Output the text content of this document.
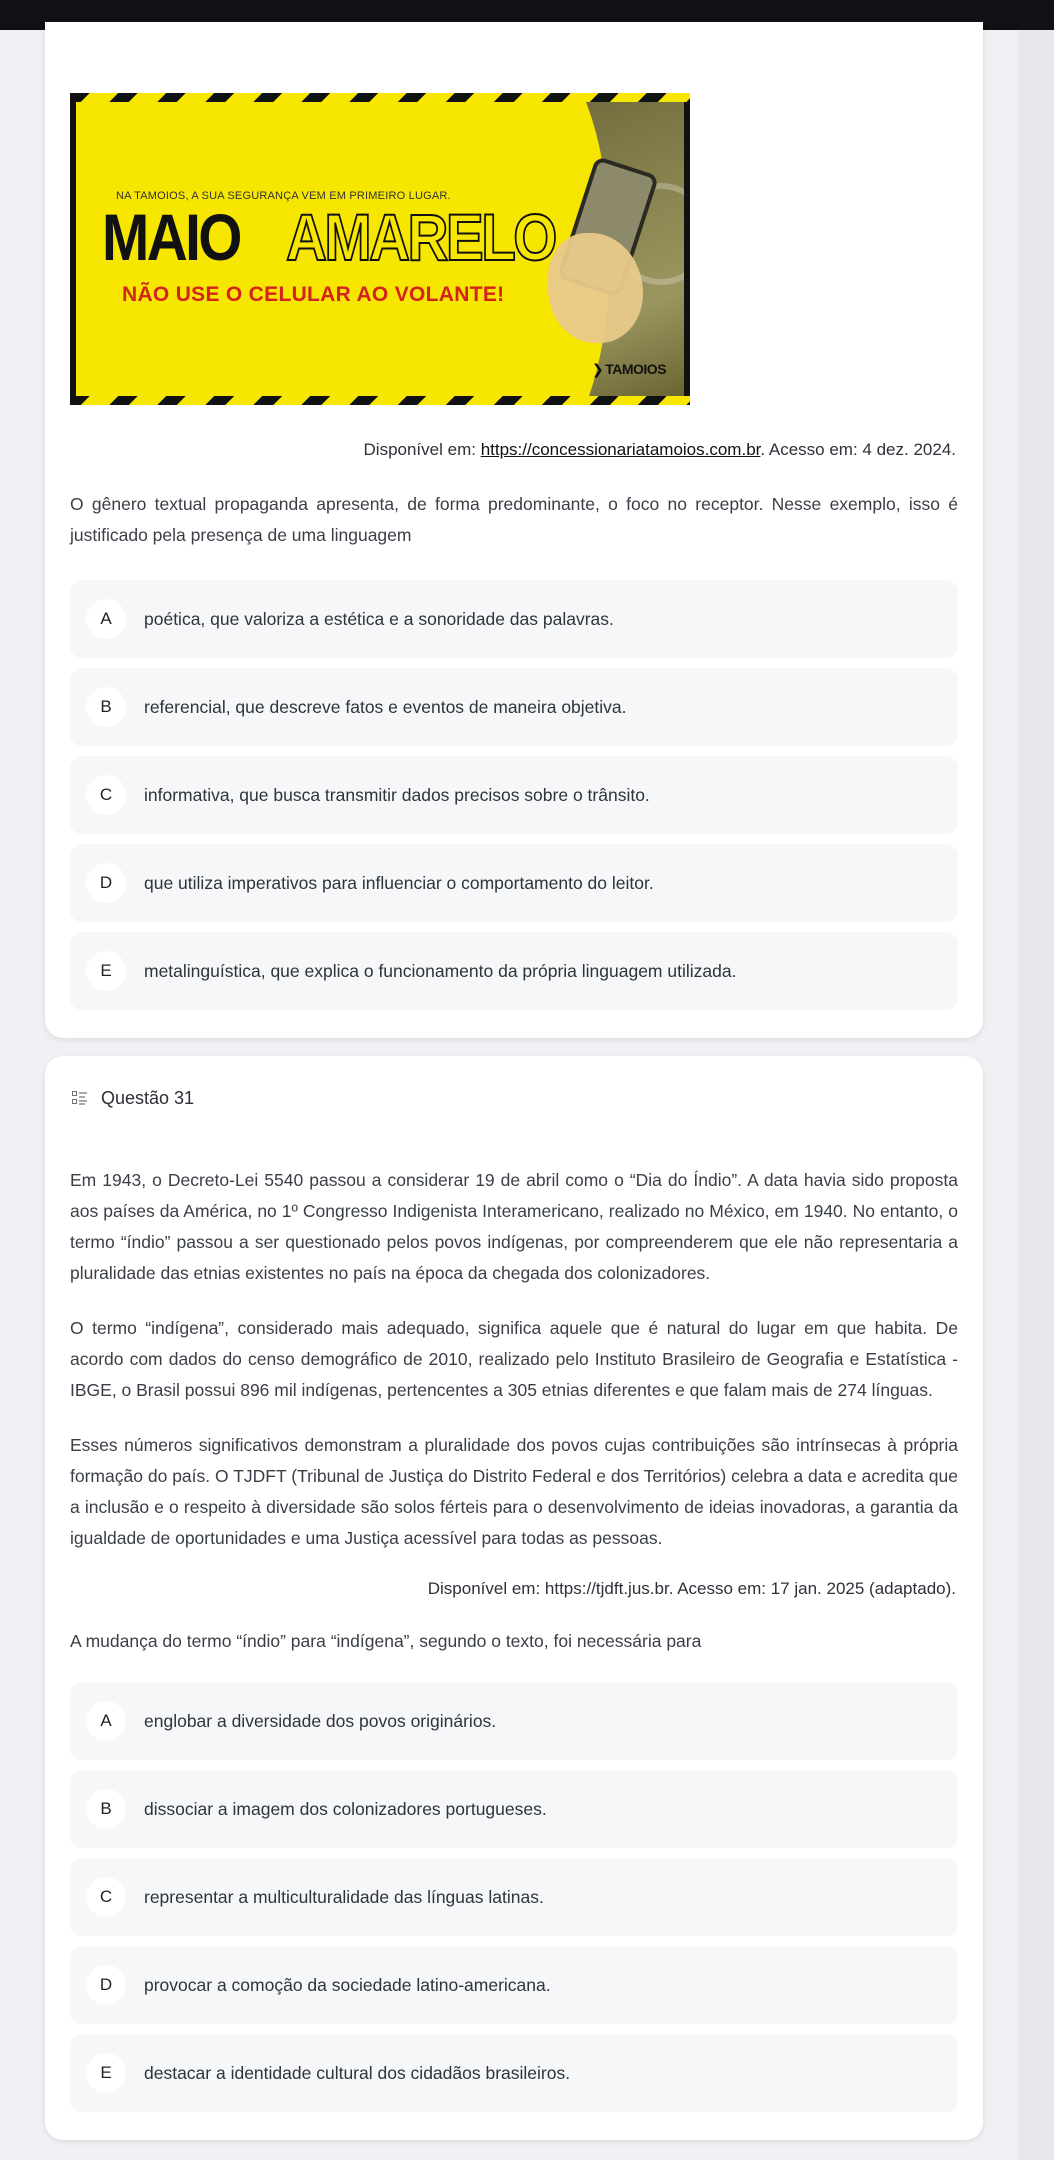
NA TAMOIOS, A SUA SEGURANÇA VEM EM PRIMEIRO LUGAR.
MAIO AMARELO
NÃO USE O CELULAR AO VOLANTE!
❯ TAMOIOS
Disponível em: https://concessionariatamoios.com.br. Acesso em: 4 dez. 2024.
O gênero textual propaganda apresenta, de forma predominante, o foco no receptor. Nesse exemplo, isso é justificado pela presença de uma linguagem
A	poética, que valoriza a estética e a sonoridade das palavras.
B	referencial, que descreve fatos e eventos de maneira objetiva.
C	informativa, que busca transmitir dados precisos sobre o trânsito.
D	que utiliza imperativos para influenciar o comportamento do leitor.
E	metalinguística, que explica o funcionamento da própria linguagem utilizada.
Questão 31
Em 1943, o Decreto-Lei 5540 passou a considerar 19 de abril como o “Dia do Índio”. A data havia sido proposta aos países da América, no 1º Congresso Indigenista Interamericano, realizado no México, em 1940. No entanto, o termo “índio” passou a ser questionado pelos povos indígenas, por compreenderem que ele não representaria a pluralidade das etnias existentes no país na época da chegada dos colonizadores.
O termo “indígena”, considerado mais adequado, significa aquele que é natural do lugar em que habita. De acordo com dados do censo demográfico de 2010, realizado pelo Instituto Brasileiro de Geografia e Estatística - IBGE, o Brasil possui 896 mil indígenas, pertencentes a 305 etnias diferentes e que falam mais de 274 línguas.
Esses números significativos demonstram a pluralidade dos povos cujas contribuições são intrínsecas à própria formação do país. O TJDFT (Tribunal de Justiça do Distrito Federal e dos Territórios) celebra a data e acredita que a inclusão e o respeito à diversidade são solos férteis para o desenvolvimento de ideias inovadoras, a garantia da igualdade de oportunidades e uma Justiça acessível para todas as pessoas.
Disponível em: https://tjdft.jus.br. Acesso em: 17 jan. 2025 (adaptado).
A mudança do termo “índio” para “indígena”, segundo o texto, foi necessária para
A	englobar a diversidade dos povos originários.
B	dissociar a imagem dos colonizadores portugueses.
C	representar a multiculturalidade das línguas latinas.
D	provocar a comoção da sociedade latino-americana.
E	destacar a identidade cultural dos cidadãos brasileiros.
